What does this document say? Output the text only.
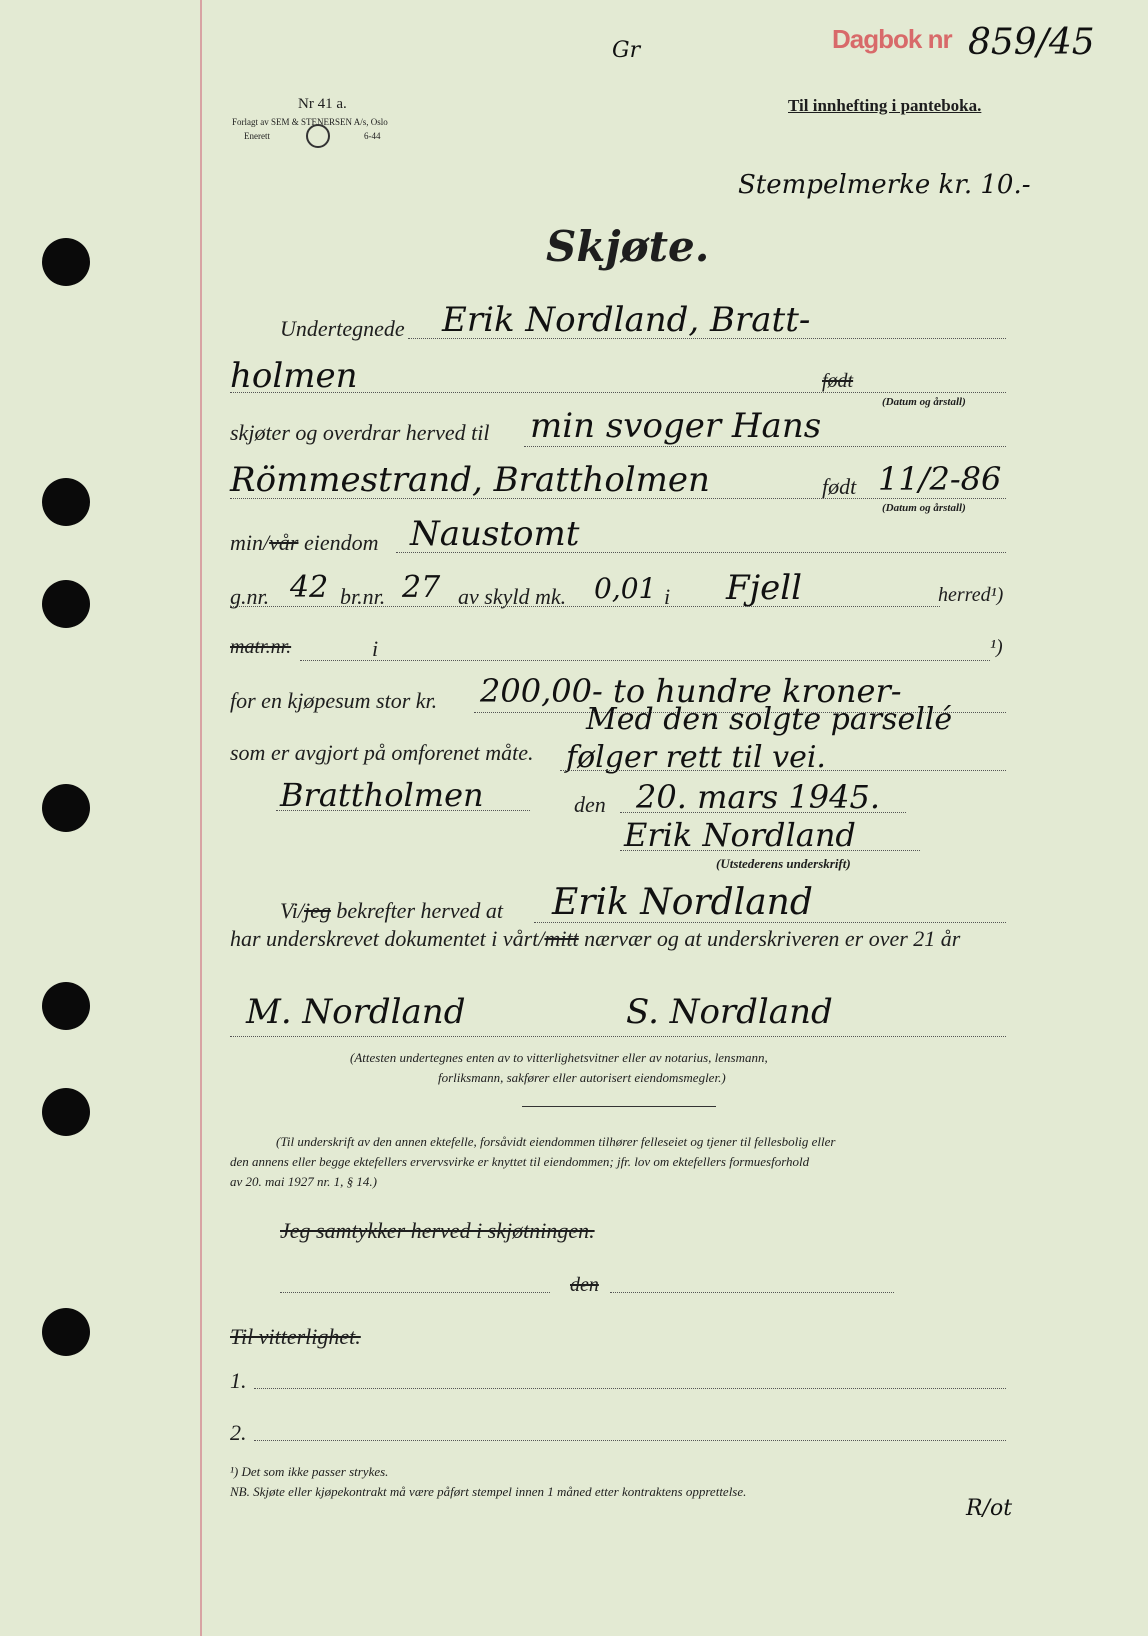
Dagbok nr 859/45
Gr
Nr 41 a.
Forlagt av SEM & STENERSEN A/s, Oslo
Enerett	6-44
Til innhefting i panteboka.
Stempelmerke kr. 10.-
Skjøte.
Undertegnede Erik Nordland, Bratt-
holmen	født
(Datum og årstall)
skjøter og overdrar herved til min svoger Hans
Römmestrand, Brattholmen	født 11/2-86
(Datum og årstall)
min/vår eiendom Naustomt
g.nr. 42 br.nr. 27 av skyld mk. 0,01 i Fjell	herred¹)
matr.nr.	i	¹)
for en kjøpesum stor kr. 200,00- to hundre kroner-
som er avgjort på omforenet måte.
Med den solgte parsellé
følger rett til vei.
Brattholmen	den 20. mars 1945.
Erik Nordland
(Utstederens underskrift)
Vi/jeg bekrefter herved at Erik Nordland
har underskrevet dokumentet i vårt/mitt nærvær og at underskriveren er over 21 år
M. Nordland	S. Nordland
(Attesten undertegnes enten av to vitterlighetsvitner eller av notarius, lensmann,
forliksmann, sakfører eller autorisert eiendomsmegler.)
(Til underskrift av den annen ektefelle, forsåvidt eiendommen tilhører felleseiet og tjener til fellesbolig eller
den annens eller begge ektefellers ervervsvirke er knyttet til eiendommen; jfr. lov om ektefellers formuesforhold
av 20. mai 1927 nr. 1, § 14.)
Jeg samtykker herved i skjøtningen.
den
Til vitterlighet.
1.
2.
¹) Det som ikke passer strykes.
NB. Skjøte eller kjøpekontrakt må være påført stempel innen 1 måned etter kontraktens opprettelse.
R/ot
